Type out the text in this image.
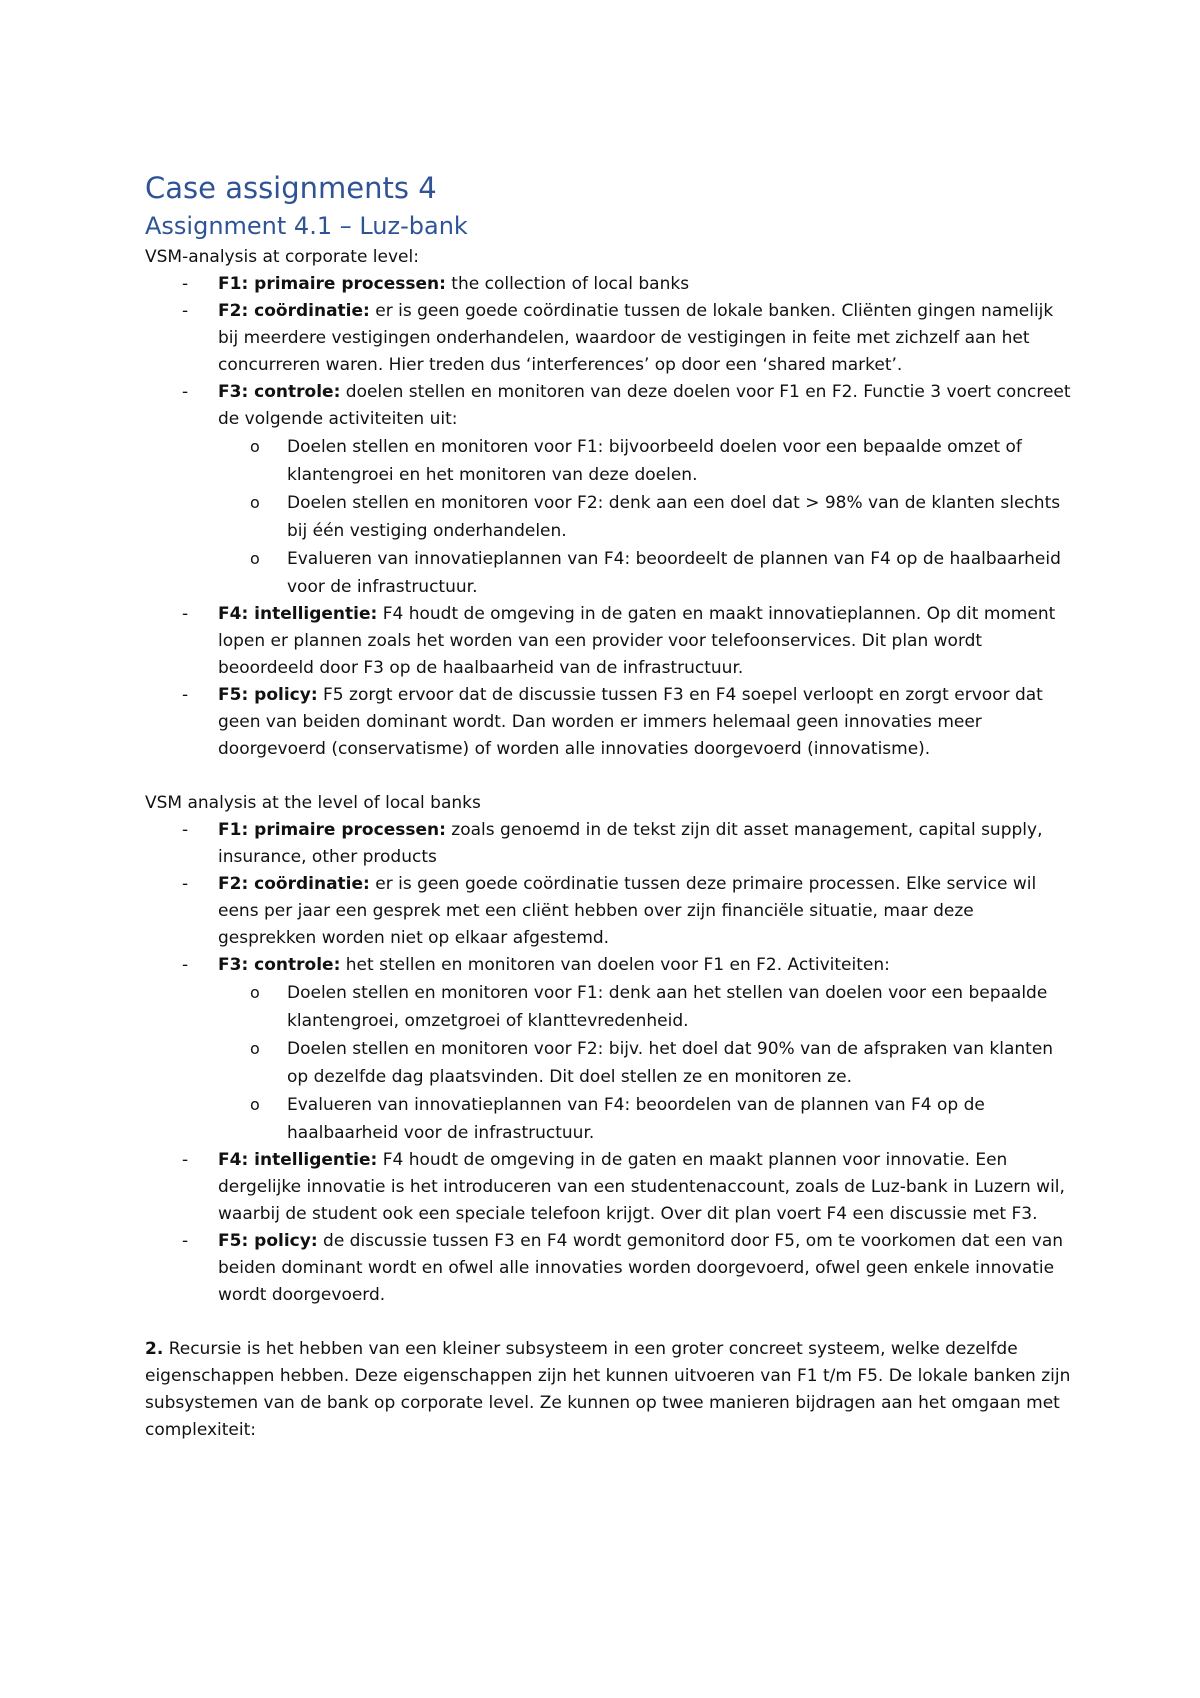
Case assignments 4
Assignment 4.1 – Luz-bank

VSM-analysis at corporate level:

- F1: primaire processen: the collection of local banks
- F2: coördinatie: er is geen goede coördinatie tussen de lokale banken. Cliënten gingen namelijk bij meerdere vestigingen onderhandelen, waardoor de vestigingen in feite met zichzelf aan het concurreren waren. Hier treden dus ‘interferences’ op door een ‘shared market’.
- F3: controle: doelen stellen en monitoren van deze doelen voor F1 en F2. Functie 3 voert concreet de volgende activiteiten uit:
o Doelen stellen en monitoren voor F1: bijvoorbeeld doelen voor een bepaalde omzet of klantengroei en het monitoren van deze doelen.
o Doelen stellen en monitoren voor F2: denk aan een doel dat > 98% van de klanten slechts bij één vestiging onderhandelen.
o Evalueren van innovatieplannen van F4: beoordeelt de plannen van F4 op de haalbaarheid voor de infrastructuur.
- F4: intelligentie: F4 houdt de omgeving in de gaten en maakt innovatieplannen. Op dit moment lopen er plannen zoals het worden van een provider voor telefoonservices. Dit plan wordt beoordeeld door F3 op de haalbaarheid van de infrastructuur.
- F5: policy: F5 zorgt ervoor dat de discussie tussen F3 en F4 soepel verloopt en zorgt ervoor dat geen van beiden dominant wordt. Dan worden er immers helemaal geen innovaties meer doorgevoerd (conservatisme) of worden alle innovaties doorgevoerd (innovatisme).

VSM analysis at the level of local banks

- F1: primaire processen: zoals genoemd in de tekst zijn dit asset management, capital supply, insurance, other products
- F2: coördinatie: er is geen goede coördinatie tussen deze primaire processen. Elke service wil eens per jaar een gesprek met een cliënt hebben over zijn financiële situatie, maar deze gesprekken worden niet op elkaar afgestemd.
- F3: controle: het stellen en monitoren van doelen voor F1 en F2. Activiteiten:
o Doelen stellen en monitoren voor F1: denk aan het stellen van doelen voor een bepaalde klantengroei, omzetgroei of klanttevredenheid.
o Doelen stellen en monitoren voor F2: bijv. het doel dat 90% van de afspraken van klanten op dezelfde dag plaatsvinden. Dit doel stellen ze en monitoren ze.
o Evalueren van innovatieplannen van F4: beoordelen van de plannen van F4 op de haalbaarheid voor de infrastructuur.
- F4: intelligentie: F4 houdt de omgeving in de gaten en maakt plannen voor innovatie. Een dergelijke innovatie is het introduceren van een studentenaccount, zoals de Luz-bank in Luzern wil, waarbij de student ook een speciale telefoon krijgt. Over dit plan voert F4 een discussie met F3.
- F5: policy: de discussie tussen F3 en F4 wordt gemonitord door F5, om te voorkomen dat een van beiden dominant wordt en ofwel alle innovaties worden doorgevoerd, ofwel geen enkele innovatie wordt doorgevoerd.

2. Recursie is het hebben van een kleiner subsysteem in een groter concreet systeem, welke dezelfde eigenschappen hebben. Deze eigenschappen zijn het kunnen uitvoeren van F1 t/m F5. De lokale banken zijn subsystemen van de bank op corporate level. Ze kunnen op twee manieren bijdragen aan het omgaan met complexiteit:
